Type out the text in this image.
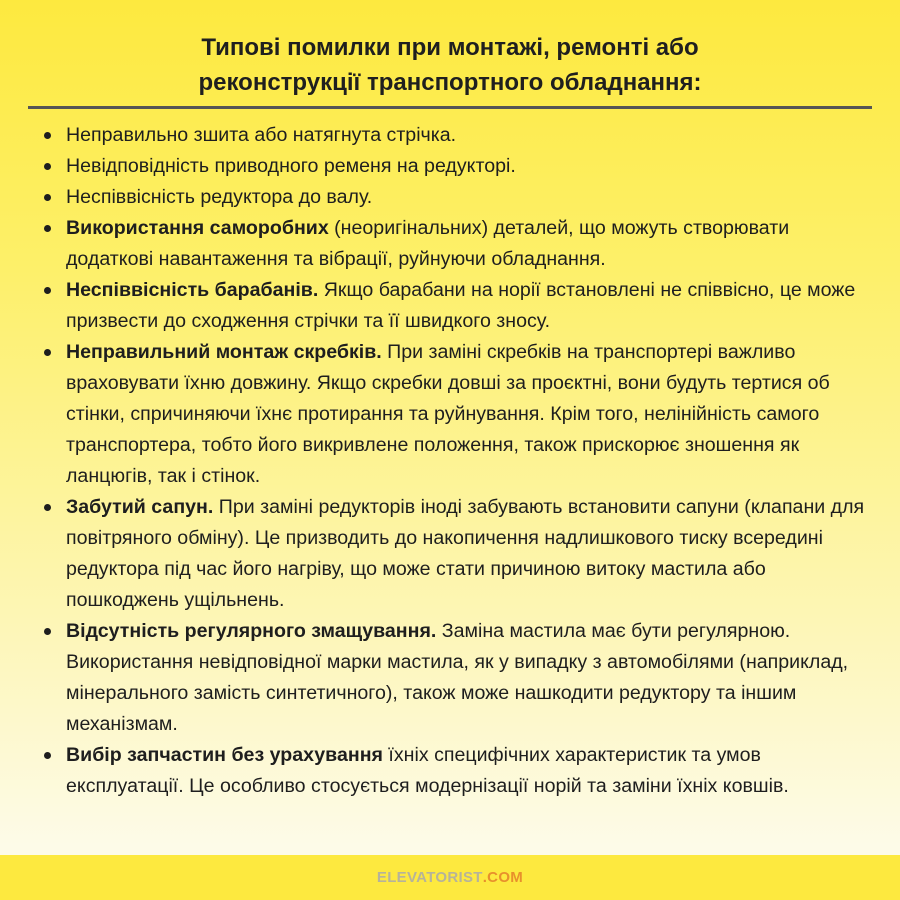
Типові помилки при монтажі, ремонті або
реконструкції транспортного обладнання:
Неправильно зшита або натягнута стрічка.
Невідповідність приводного ременя на редукторі.
Неспіввісність редуктора до валу.
Використання саморобних (неоригінальних) деталей, що можуть створювати додаткові навантаження та вібрації, руйнуючи обладнання.
Неспіввісність барабанів. Якщо барабани на норії встановлені не співвісно, це може призвести до сходження стрічки та її швидкого зносу.
Неправильний монтаж скребків. При заміні скребків на транспортері важливо враховувати їхню довжину. Якщо скребки довші за проєктні, вони будуть тертися об стінки, спричиняючи їхнє протирання та руйнування. Крім того, нелінійність самого транспортера, тобто його викривлене положення, також прискорює зношення як ланцюгів, так і стінок.
Забутий сапун. При заміні редукторів іноді забувають встановити сапуни (клапани для повітряного обміну). Це призводить до накопичення надлишкового тиску всередині редуктора під час його нагріву, що може стати причиною витоку мастила або пошкоджень ущільнень.
Відсутність регулярного змащування. Заміна мастила має бути регулярною. Використання невідповідної марки мастила, як у випадку з автомобілями (наприклад, мінерального замість синтетичного), також може нашкодити редуктору та іншим механізмам.
Вибір запчастин без урахування їхніх специфічних характеристик та умов експлуатації. Це особливо стосується модернізації норій та заміни їхніх ковшів.
ELEVATORIST .COM
